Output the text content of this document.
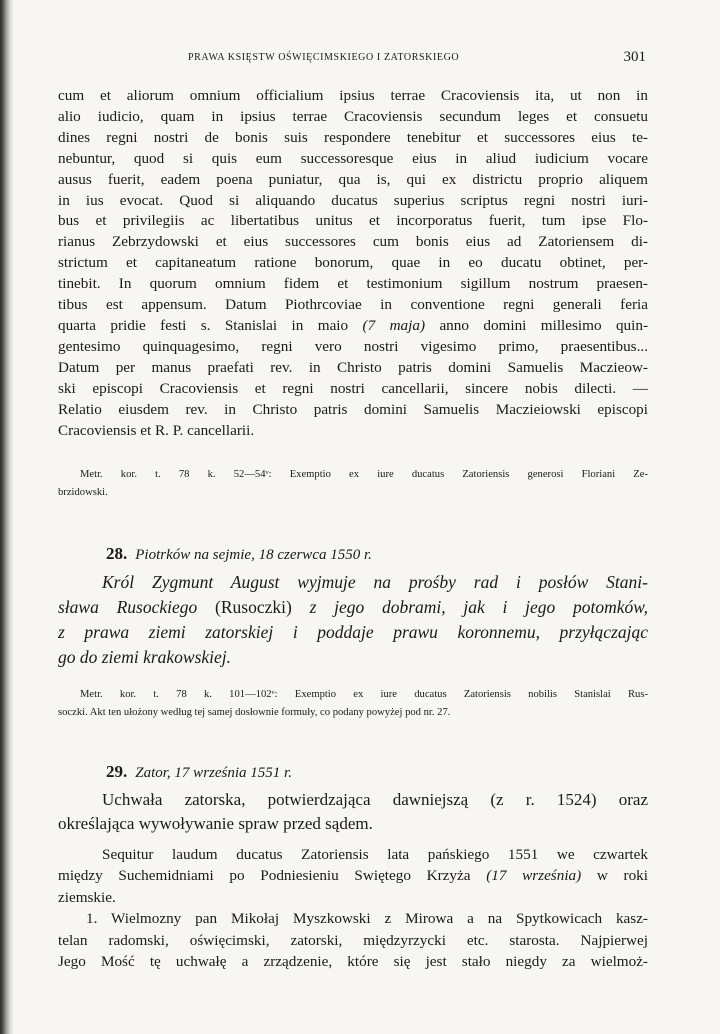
PRAWA KSIĘSTW OŚWIĘCIMSKIEGO I ZATORSKIEGO	301
cum et aliorum omnium officialium ipsius terrae Cracoviensis ita, ut non in
alio iudicio, quam in ipsius terrae Cracoviensis secundum leges et consuetu
dines regni nostri de bonis suis respondere tenebitur et successores eius te-
nebuntur, quod si quis eum successoresque eius in aliud iudicium vocare
ausus fuerit, eadem poena puniatur, qua is, qui ex districtu proprio aliquem
in ius evocat. Quod si aliquando ducatus superius scriptus regni nostri iuri-
bus et privilegiis ac libertatibus unitus et incorporatus fuerit, tum ipse Flo-
rianus Zebrzydowski et eius successores cum bonis eius ad Zatoriensem di-
strictum et capitaneatum ratione bonorum, quae in eo ducatu obtinet, per-
tinebit. In quorum omnium fidem et testimonium sigillum nostrum praesen-
tibus est appensum. Datum Piothrcoviae in conventione regni generali feria
quarta pridie festi s. Stanislai in maio (7 maja) anno domini millesimo quin-
gentesimo quinquagesimo, regni vero nostri vigesimo primo, praesentibus...
Datum per manus praefati rev. in Christo patris domini Samuelis Maczieow-
ski episcopi Cracoviensis et regni nostri cancellarii, sincere nobis dilecti. —
Relatio eiusdem rev. in Christo patris domini Samuelis Maczieiowski episcopi
Cracoviensis et R. P. cancellarii.
Metr. kor. t. 78 k. 52—54ᵛ: Exemptio ex iure ducatus Zatoriensis generosi Floriani Ze-
brzidowski.
28. Piotrków na sejmie, 18 czerwca 1550 r.
Król Zygmunt August wyjmuje na prośby rad i posłów Stani-
sława Rusockiego (Rusoczki) z jego dobrami, jak i jego potomków,
z prawa ziemi zatorskiej i poddaje prawu koronnemu, przyłączając
go do ziemi krakowskiej.
Metr. kor. t. 78 k. 101—102ᵛ: Exemptio ex iure ducatus Zatoriensis nobilis Stanislai Rus-
soczki. Akt ten ułożony według tej samej dosłownie formuły, co podany powyżej pod nr. 27.
29. Zator, 17 września 1551 r.
Uchwała zatorska, potwierdzająca dawniejszą (z r. 1524) oraz
określająca wywoływanie spraw przed sądem.
Sequitur laudum ducatus Zatoriensis lata pańskiego 1551 we czwartek
między Suchemidniami po Podniesieniu Swiętego Krzyża (17 września) w roki
ziemskie.
1. Wielmozny pan Mikołaj Myszkowski z Mirowa a na Spytkowicach kasz-
telan radomski, oświęcimski, zatorski, międzyrzycki etc. starosta. Najpierwej
Jego Mość tę uchwałę a zrządzenie, które się jest stało niegdy za wielmoż-
